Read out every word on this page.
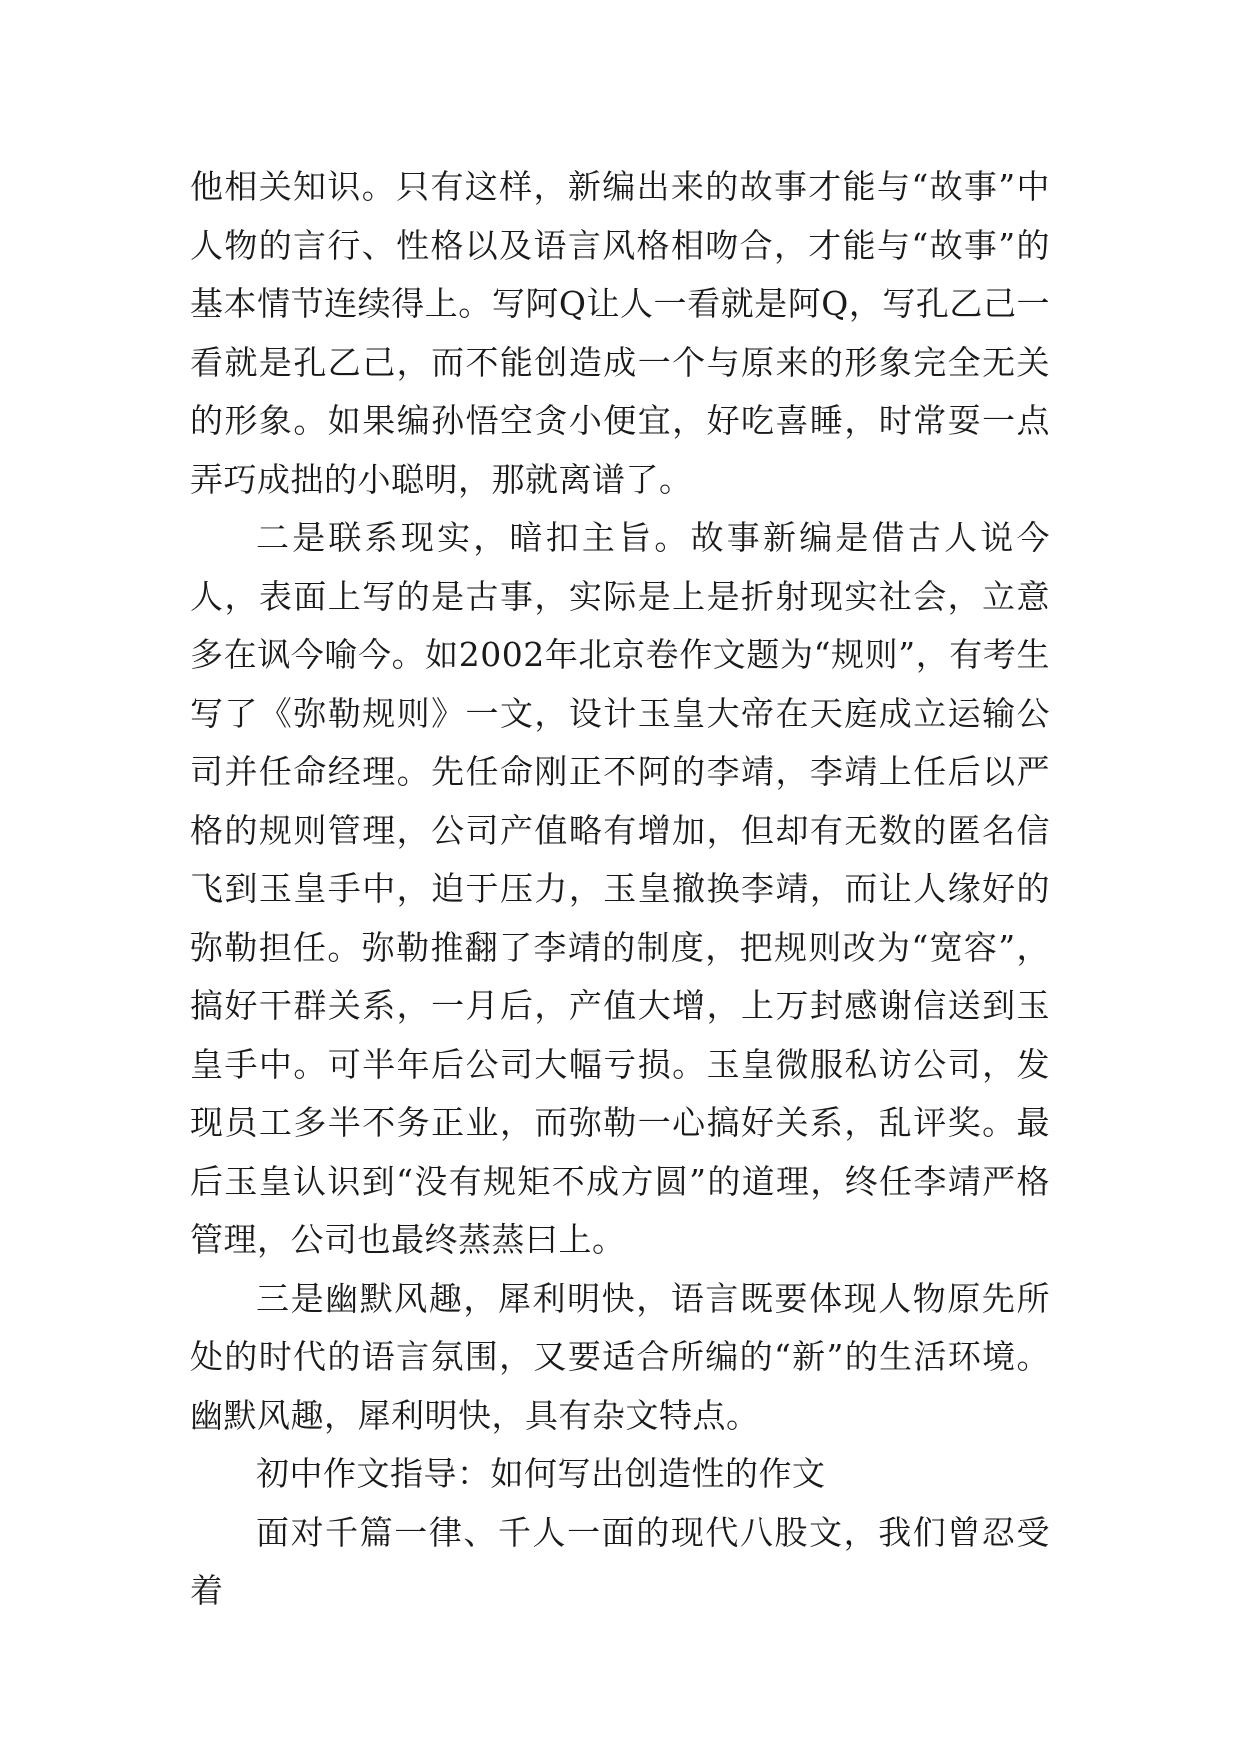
他相关知识。只有这样，新编出来的故事才能与“故事”中人物的言行、性格以及语言风格相吻合，才能与“故事”的基本情节连续得上。写阿Q让人一看就是阿Q，写孔乙己一看就是孔乙己，而不能创造成一个与原来的形象完全无关的形象。如果编孙悟空贪小便宜，好吃喜睡，时常耍一点弄巧成拙的小聪明，那就离谱了。

二是联系现实，暗扣主旨。故事新编是借古人说今人，表面上写的是古事，实际是上是折射现实社会，立意多在讽今喻今。如2002年北京卷作文题为“规则”，有考生写了《弥勒规则》一文，设计玉皇大帝在天庭成立运输公司并任命经理。先任命刚正不阿的李靖，李靖上任后以严格的规则管理，公司产值略有增加，但却有无数的匿名信飞到玉皇手中，迫于压力，玉皇撤换李靖，而让人缘好的弥勒担任。弥勒推翻了李靖的制度，把规则改为“宽容”，搞好干群关系，一月后，产值大增，上万封感谢信送到玉皇手中。可半年后公司大幅亏损。玉皇微服私访公司，发现员工多半不务正业，而弥勒一心搞好关系，乱评奖。最后玉皇认识到“没有规矩不成方圆”的道理，终任李靖严格管理，公司也最终蒸蒸曰上。

三是幽默风趣，犀利明快，语言既要体现人物原先所处的时代的语言氛围，又要适合所编的“新”的生活环境。幽默风趣，犀利明快，具有杂文特点。

初中作文指导：如何写出创造性的作文

面对千篇一律、千人一面的现代八股文，我们曾忍受着
